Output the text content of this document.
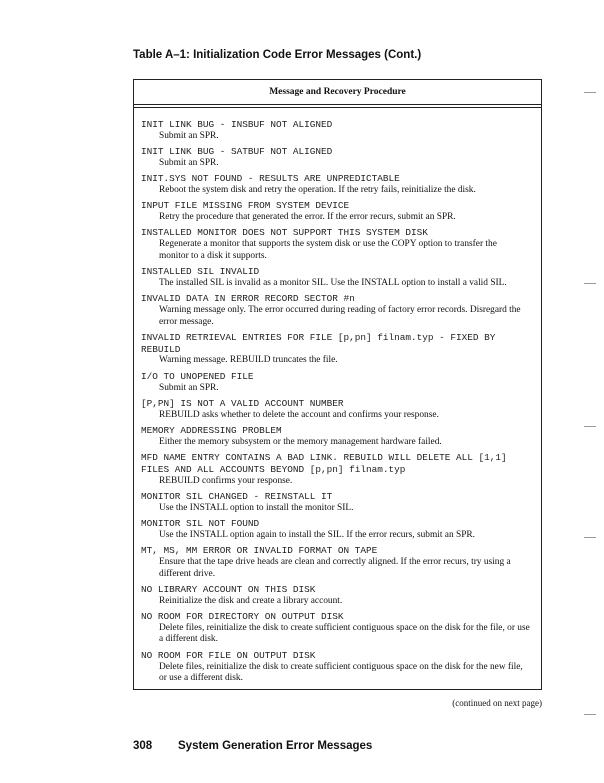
Table A–1: Initialization Code Error Messages (Cont.)
Message and Recovery Procedure
INIT LINK BUG - INSBUF NOT ALIGNED
Submit an SPR.
INIT LINK BUG - SATBUF NOT ALIGNED
Submit an SPR.
INIT.SYS NOT FOUND - RESULTS ARE UNPREDICTABLE
Reboot the system disk and retry the operation. If the retry fails, reinitialize the disk.
INPUT FILE MISSING FROM SYSTEM DEVICE
Retry the procedure that generated the error. If the error recurs, submit an SPR.
INSTALLED MONITOR DOES NOT SUPPORT THIS SYSTEM DISK
Regenerate a monitor that supports the system disk or use the COPY option to transfer the
monitor to a disk it supports.
INSTALLED SIL INVALID
The installed SIL is invalid as a monitor SIL. Use the INSTALL option to install a valid SIL.
INVALID DATA IN ERROR RECORD SECTOR #n
Warning message only. The error occurred during reading of factory error records. Disregard the
error message.
INVALID RETRIEVAL ENTRIES FOR FILE [p,pn] filnam.typ - FIXED BY
REBUILD
Warning message. REBUILD truncates the file.
I/O TO UNOPENED FILE
Submit an SPR.
[P,PN] IS NOT A VALID ACCOUNT NUMBER
REBUILD asks whether to delete the account and confirms your response.
MEMORY ADDRESSING PROBLEM
Either the memory subsystem or the memory management hardware failed.
MFD NAME ENTRY CONTAINS A BAD LINK. REBUILD WILL DELETE ALL [1,1]
FILES AND ALL ACCOUNTS BEYOND [p,pn] filnam.typ
REBUILD confirms your response.
MONITOR SIL CHANGED - REINSTALL IT
Use the INSTALL option to install the monitor SIL.
MONITOR SIL NOT FOUND
Use the INSTALL option again to install the SIL. If the error recurs, submit an SPR.
MT, MS, MM ERROR OR INVALID FORMAT ON TAPE
Ensure that the tape drive heads are clean and correctly aligned. If the error recurs, try using a
different drive.
NO LIBRARY ACCOUNT ON THIS DISK
Reinitialize the disk and create a library account.
NO ROOM FOR DIRECTORY ON OUTPUT DISK
Delete files, reinitialize the disk to create sufficient contiguous space on the disk for the file, or use
a different disk.
NO ROOM FOR FILE ON OUTPUT DISK
Delete files, reinitialize the disk to create sufficient contiguous space on the disk for the new file,
or use a different disk.
(continued on next page)
308 System Generation Error Messages
